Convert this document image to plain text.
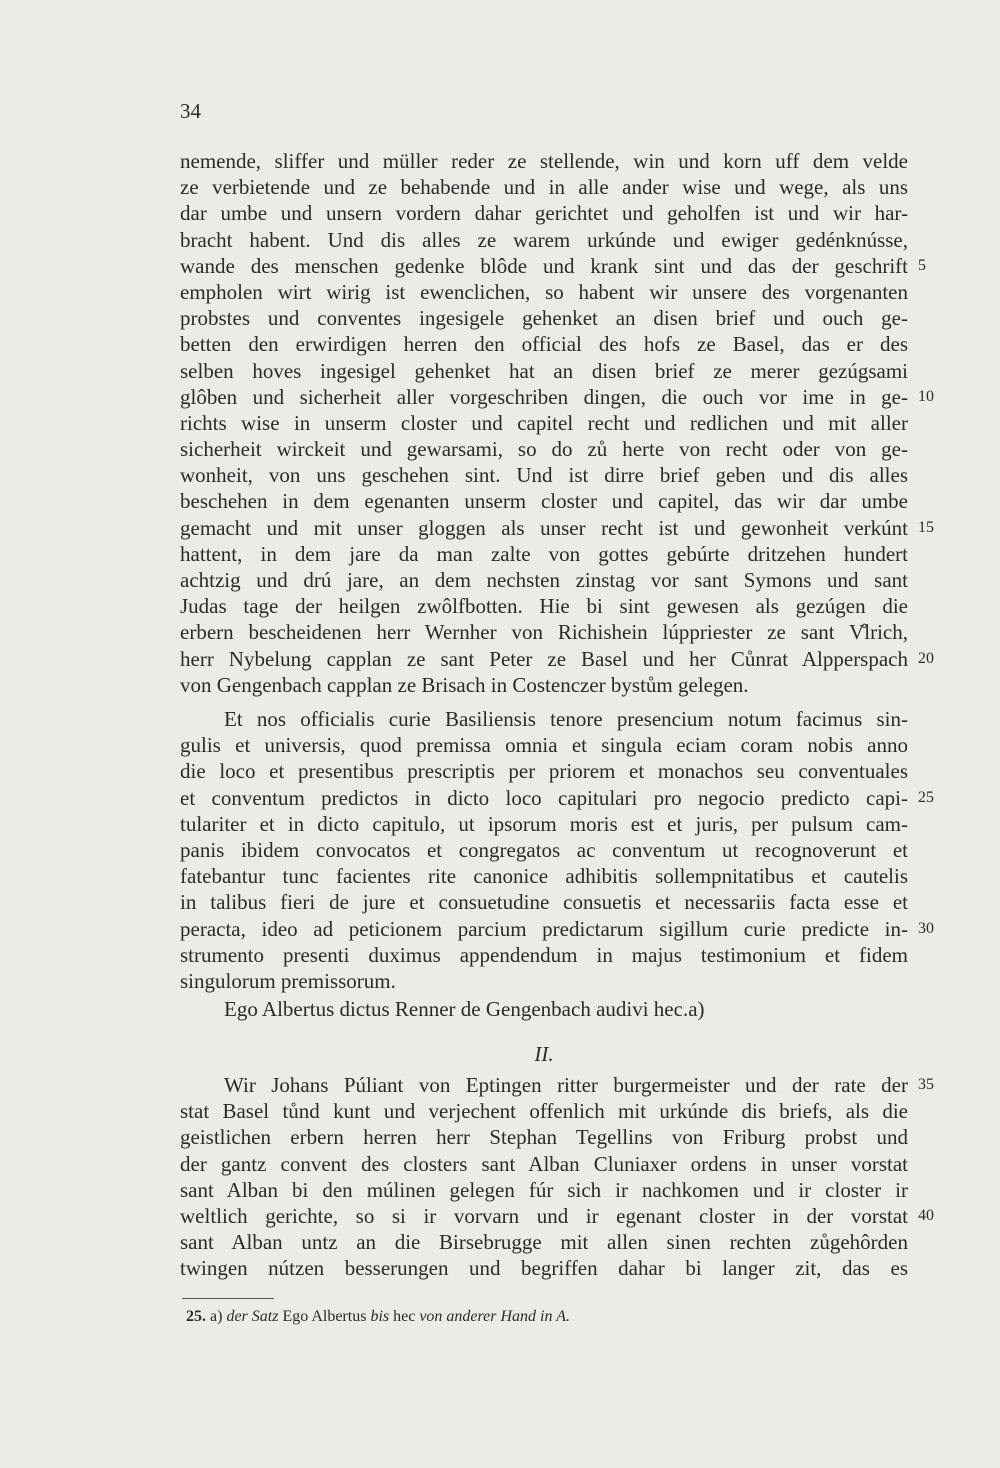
34
nemende, sliffer und müller reder ze stellende, win und korn uff dem velde
ze verbietende und ze behabende und in alle ander wise und wege, als uns
dar umbe und unsern vordern dahar gerichtet und geholfen ist und wir har-
bracht habent. Und dis alles ze warem urkúnde und ewiger gedénknússe,
wande des menschen gedenke blôde und krank sint und das der geschrift 5
empholen wirt wirig ist ewenclichen, so habent wir unsere des vorgenanten
probstes und conventes ingesigele gehenket an disen brief und ouch ge-
betten den erwirdigen herren den official des hofs ze Basel, das er des
selben hoves ingesigel gehenket hat an disen brief ze merer gezúgsami
glôben und sicherheit aller vorgeschriben dingen, die ouch vor ime in ge- 10
richts wise in unserm closter und capitel recht und redlichen und mit aller
sicherheit wirckeit und gewarsami, so do zů herte von recht oder von ge-
wonheit, von uns geschehen sint. Und ist dirre brief geben und dis alles
beschehen in dem egenanten unserm closter und capitel, das wir dar umbe
gemacht und mit unser gloggen als unser recht ist und gewonheit verkúnt 15
hattent, in dem jare da man zalte von gottes gebúrte dritzehen hundert
achtzig und drú jare, an dem nechsten zinstag vor sant Symons und sant
Judas tage der heilgen zwôlfbotten. Hie bi sint gewesen als gezúgen die
erbern bescheidenen herr Wernher von Richishein lúppriester ze sant V̊lrich,
herr Nybelung capplan ze sant Peter ze Basel und her Cůnrat Alpperspach 20
von Gengenbach capplan ze Brisach in Costenczer bystům gelegen.
Et nos officialis curie Basiliensis tenore presencium notum facimus sin-
gulis et universis, quod premissa omnia et singula eciam coram nobis anno
die loco et presentibus prescriptis per priorem et monachos seu conventuales
et conventum predictos in dicto loco capitulari pro negocio predicto capi- 25
tulariter et in dicto capitulo, ut ipsorum moris est et juris, per pulsum cam-
panis ibidem convocatos et congregatos ac conventum ut recognoverunt et
fatebantur tunc facientes rite canonice adhibitis sollempnitatibus et cautelis
in talibus fieri de jure et consuetudine consuetis et necessariis facta esse et
peracta, ideo ad peticionem parcium predictarum sigillum curie predicte in- 30
strumento presenti duximus appendendum in majus testimonium et fidem
singulorum premissorum.
Ego Albertus dictus Renner de Gengenbach audivi hec.a)
II.
Wir Johans Púliant von Eptingen ritter burgermeister und der rate der 35
stat Basel tůnd kunt und verjechent offenlich mit urkúnde dis briefs, als die
geistlichen erbern herren herr Stephan Tegellins von Friburg probst und
der gantz convent des closters sant Alban Cluniaxer ordens in unser vorstat
sant Alban bi den múlinen gelegen fúr sich ir nachkomen und ir closter ir
weltlich gerichte, so si ir vorvarn und ir egenant closter in der vorstat 40
sant Alban untz an die Birsebrugge mit allen sinen rechten zůgehôrden
twingen nútzen besserungen und begriffen dahar bi langer zit, das es
25. a) der Satz Ego Albertus bis hec von anderer Hand in A.
